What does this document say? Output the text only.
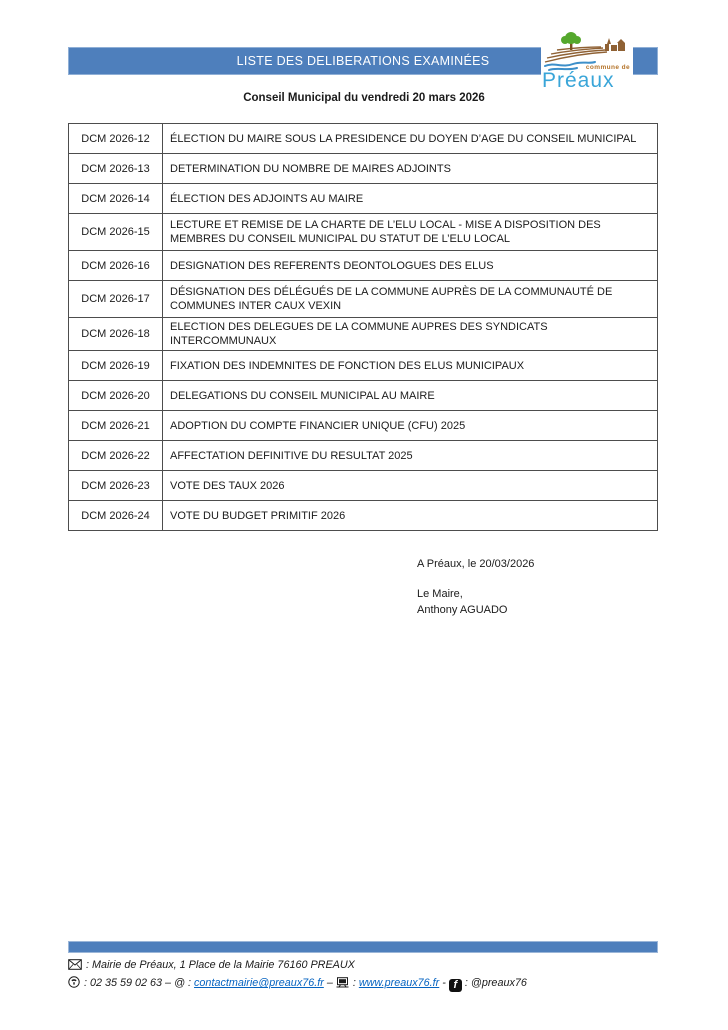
LISTE DES DELIBERATIONS EXAMINÉES	commune de
Préaux
Conseil Municipal du vendredi 20 mars 2026
DCM 2026-12	ÉLECTION DU MAIRE SOUS LA PRESIDENCE DU DOYEN D’AGE DU CONSEIL MUNICIPAL
DCM 2026-13	DETERMINATION DU NOMBRE DE MAIRES ADJOINTS
DCM 2026-14	ÉLECTION DES ADJOINTS AU MAIRE
DCM 2026-15	LECTURE ET REMISE DE LA CHARTE DE L’ELU LOCAL - MISE A DISPOSITION DES MEMBRES DU CONSEIL MUNICIPAL DU STATUT DE L’ELU LOCAL
DCM 2026-16	DESIGNATION DES REFERENTS DEONTOLOGUES DES ELUS
DCM 2026-17	DÉSIGNATION DES DÉLÉGUÉS DE LA COMMUNE AUPRÈS DE LA COMMUNAUTÉ DE COMMUNES INTER CAUX VEXIN
DCM 2026-18	ELECTION DES DELEGUES DE LA COMMUNE AUPRES DES SYNDICATS INTERCOMMUNAUX
DCM 2026-19	FIXATION DES INDEMNITES DE FONCTION DES ELUS MUNICIPAUX
DCM 2026-20	DELEGATIONS DU CONSEIL MUNICIPAL AU MAIRE
DCM 2026-21	ADOPTION DU COMPTE FINANCIER UNIQUE (CFU) 2025
DCM 2026-22	AFFECTATION DEFINITIVE DU RESULTAT 2025
DCM 2026-23	VOTE DES TAUX 2026
DCM 2026-24	VOTE DU BUDGET PRIMITIF 2026
A Préaux, le 20/03/2026
Le Maire,
Anthony AGUADO
: Mairie de Préaux, 1 Place de la Mairie 76160 PREAUX
: 02 35 59 02 63 – @ : contactmairie@preaux76.fr – : www.preaux76.fr - f : @preaux76
